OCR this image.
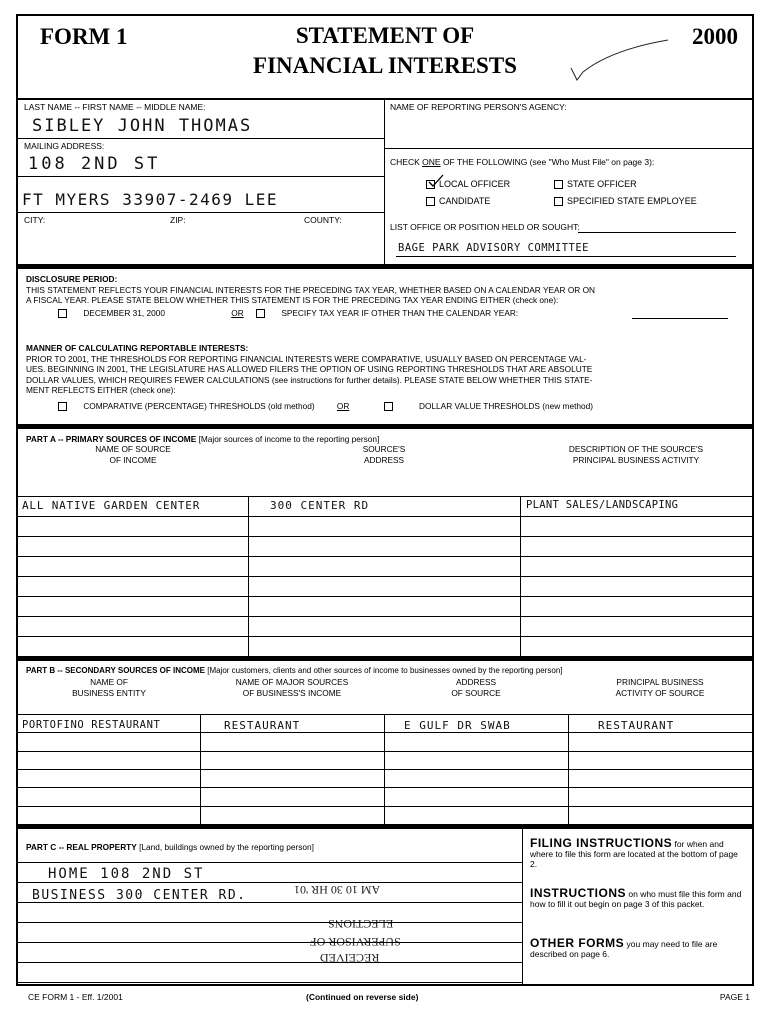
FORM 1	STATEMENT OF
FINANCIAL INTERESTS
2000
LAST NAME -- FIRST NAME -- MIDDLE NAME:
SIBLEY JOHN THOMAS
MAILING ADDRESS:
108 2ND ST
FT MYERS 33907-2469 LEE
CITY:	ZIP:	COUNTY:
NAME OF REPORTING PERSON'S AGENCY:
CHECK ONE OF THE FOLLOWING (see "Who Must File" on page 3):
LOCAL OFFICER
CANDIDATE
STATE OFFICER
SPECIFIED STATE EMPLOYEE
LIST OFFICE OR POSITION HELD OR SOUGHT:
BAGE PARK ADVISORY COMMITTEE
DISCLOSURE PERIOD:
THIS STATEMENT REFLECTS YOUR FINANCIAL INTERESTS FOR THE PRECEDING TAX YEAR, WHETHER BASED ON A CALENDAR YEAR OR ON
A FISCAL YEAR. PLEASE STATE BELOW WHETHER THIS STATEMENT IS FOR THE PRECEDING TAX YEAR ENDING EITHER (check one):
DECEMBER 31, 2000	OR	SPECIFY TAX YEAR IF OTHER THAN THE CALENDAR YEAR:
MANNER OF CALCULATING REPORTABLE INTERESTS:
PRIOR TO 2001, THE THRESHOLDS FOR REPORTING FINANCIAL INTERESTS WERE COMPARATIVE, USUALLY BASED ON PERCENTAGE VAL-
UES. BEGINNING IN 2001, THE LEGISLATURE HAS ALLOWED FILERS THE OPTION OF USING REPORTING THRESHOLDS THAT ARE ABSOLUTE
DOLLAR VALUES, WHICH REQUIRES FEWER CALCULATIONS (see instructions for further details). PLEASE STATE BELOW WHETHER THIS STATE-
MENT REFLECTS EITHER (check one):
COMPARATIVE (PERCENTAGE) THRESHOLDS (old method)	OR	DOLLAR VALUE THRESHOLDS (new method)
PART A -- PRIMARY SOURCES OF INCOME [Major sources of income to the reporting person]
NAME OF SOURCE
OF INCOME
SOURCE'S
ADDRESS
DESCRIPTION OF THE SOURCE'S
PRINCIPAL BUSINESS ACTIVITY
ALL NATIVE GARDEN CENTER	300 CENTER RD	PLANT SALES/LANDSCAPING
PART B -- SECONDARY SOURCES OF INCOME [Major customers, clients and other sources of income to businesses owned by the reporting person]
NAME OF
BUSINESS ENTITY
NAME OF MAJOR SOURCES
OF BUSINESS'S INCOME
ADDRESS
OF SOURCE
PRINCIPAL BUSINESS
ACTIVITY OF SOURCE
PORTOFINO RESTAURANT	RESTAURANT	E GULF DR SWAB	RESTAURANT
PART C -- REAL PROPERTY [Land, buildings owned by the reporting person]
HOME 108 2ND ST
BUSINESS 300 CENTER RD.	AM 10 30 HR '01
ELECTIONS
SUPERVISOR OF
RECEIVED
FILING INSTRUCTIONS for when and where to file this form are located at the bottom of page 2.
INSTRUCTIONS on who must file this form and how to fill it out begin on page 3 of this packet.
OTHER FORMS you may need to file are described on page 6.
CE FORM 1 - Eff. 1/2001	(Continued on reverse side)	PAGE 1
